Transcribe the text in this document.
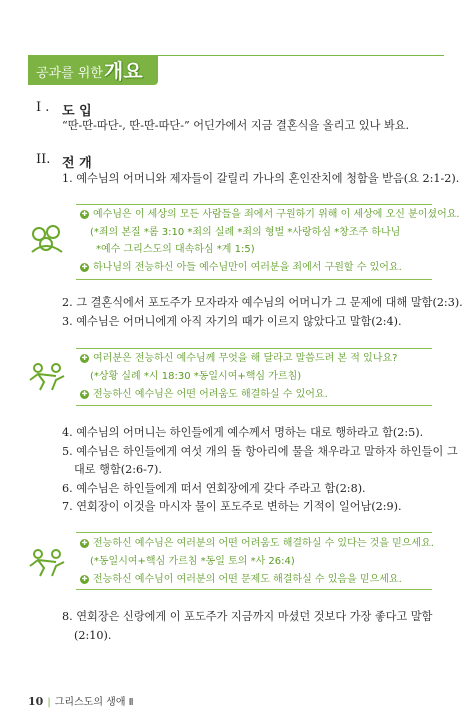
공과를 위한 개요
I . 도 입
“딴-딴-따단-, 딴-딴-따단-” 어딘가에서 지금 결혼식을 올리고 있나 봐요.
II. 전 개
1. 예수님의 어머니와 제자들이 갈릴리 가나의 혼인잔치에 청함을 받음(요 2:1-2).
✚ 예수님은 이 세상의 모든 사람들을 죄에서 구원하기 위해 이 세상에 오신 분이셨어요.
(*죄의 본질 *롬 3:10 *죄의 실례 *죄의 형벌 *사랑하심 *창조주 하나님
*예수 그리스도의 대속하심 *계 1:5)
✚ 하나님의 전능하신 아들 예수님만이 여러분을 죄에서 구원할 수 있어요.
2. 그 결혼식에서 포도주가 모자라자 예수님의 어머니가 그 문제에 대해 말함(2:3).
3. 예수님은 어머니에게 아직 자기의 때가 이르지 않았다고 말함(2:4).
✚ 여러분은 전능하신 예수님께 무엇을 해 달라고 말씀드려 본 적 있나요?
(*상황 실례 *시 18:30 *동일시여+핵심 가르침)
✚ 전능하신 예수님은 어떤 어려움도 해결하실 수 있어요.
4. 예수님의 어머니는 하인들에게 예수께서 명하는 대로 행하라고 함(2:5).
5. 예수님은 하인들에게 여섯 개의 돌 항아리에 물을 채우라고 말하자 하인들이 그
대로 행함(2:6-7).
6. 예수님은 하인들에게 떠서 연회장에게 갖다 주라고 함(2:8).
7. 연회장이 이것을 마시자 물이 포도주로 변하는 기적이 일어남(2:9).
✚ 전능하신 예수님은 여러분의 어떤 어려움도 해결하실 수 있다는 것을 믿으세요.
(*동일시여+핵심 가르침 *동일 토의 *사 26:4)
✚ 전능하신 예수님이 여러분의 어떤 문제도 해결하실 수 있음을 믿으세요.
8. 연회장은 신랑에게 이 포도주가 지금까지 마셨던 것보다 가장 좋다고 말함
(2:10).
10 | 그리스도의 생애 Ⅱ
